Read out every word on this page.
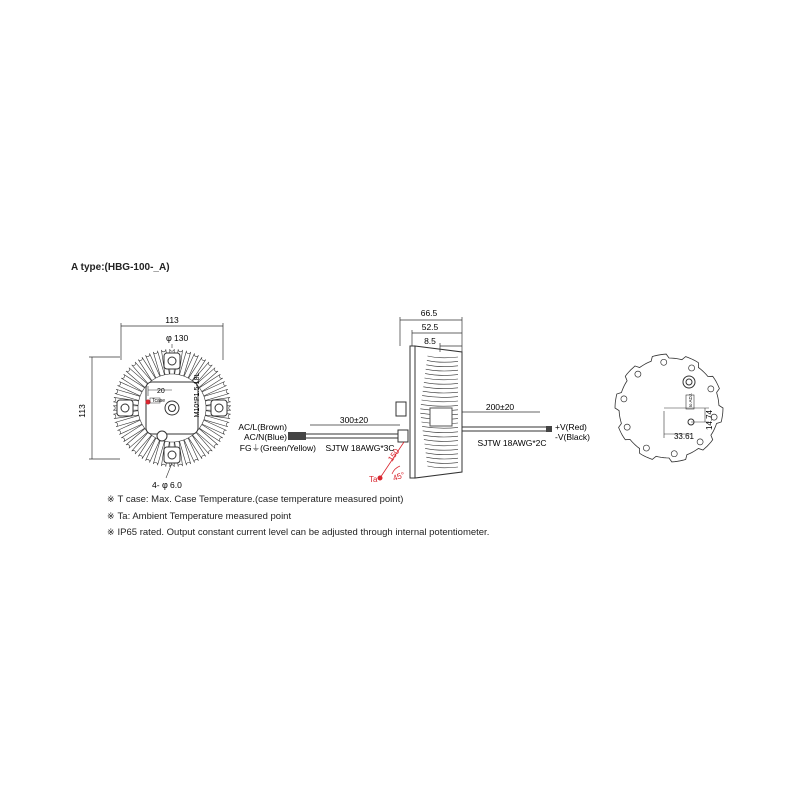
A type:(HBG-100-_A)
113
113
φ 130
20
Tcase	M10*P1.5-18L
4- φ 6.0
66.5
52.5
8.5
300±20
200±20
SJTW 18AWG*3C	SJTW 18AWG*2C
AC/L(Brown)
AC/N(Blue)
FG⏚(Green/Yellow)
+V(Red)
-V(Black)
Ta
150
45°
33.61
14.74
Io ADJ.
※ T case: Max. Case Temperature.(case temperature measured point)
※ Ta: Ambient Temperature measured point
※ IP65 rated. Output constant current level can be adjusted through internal potentiometer.
